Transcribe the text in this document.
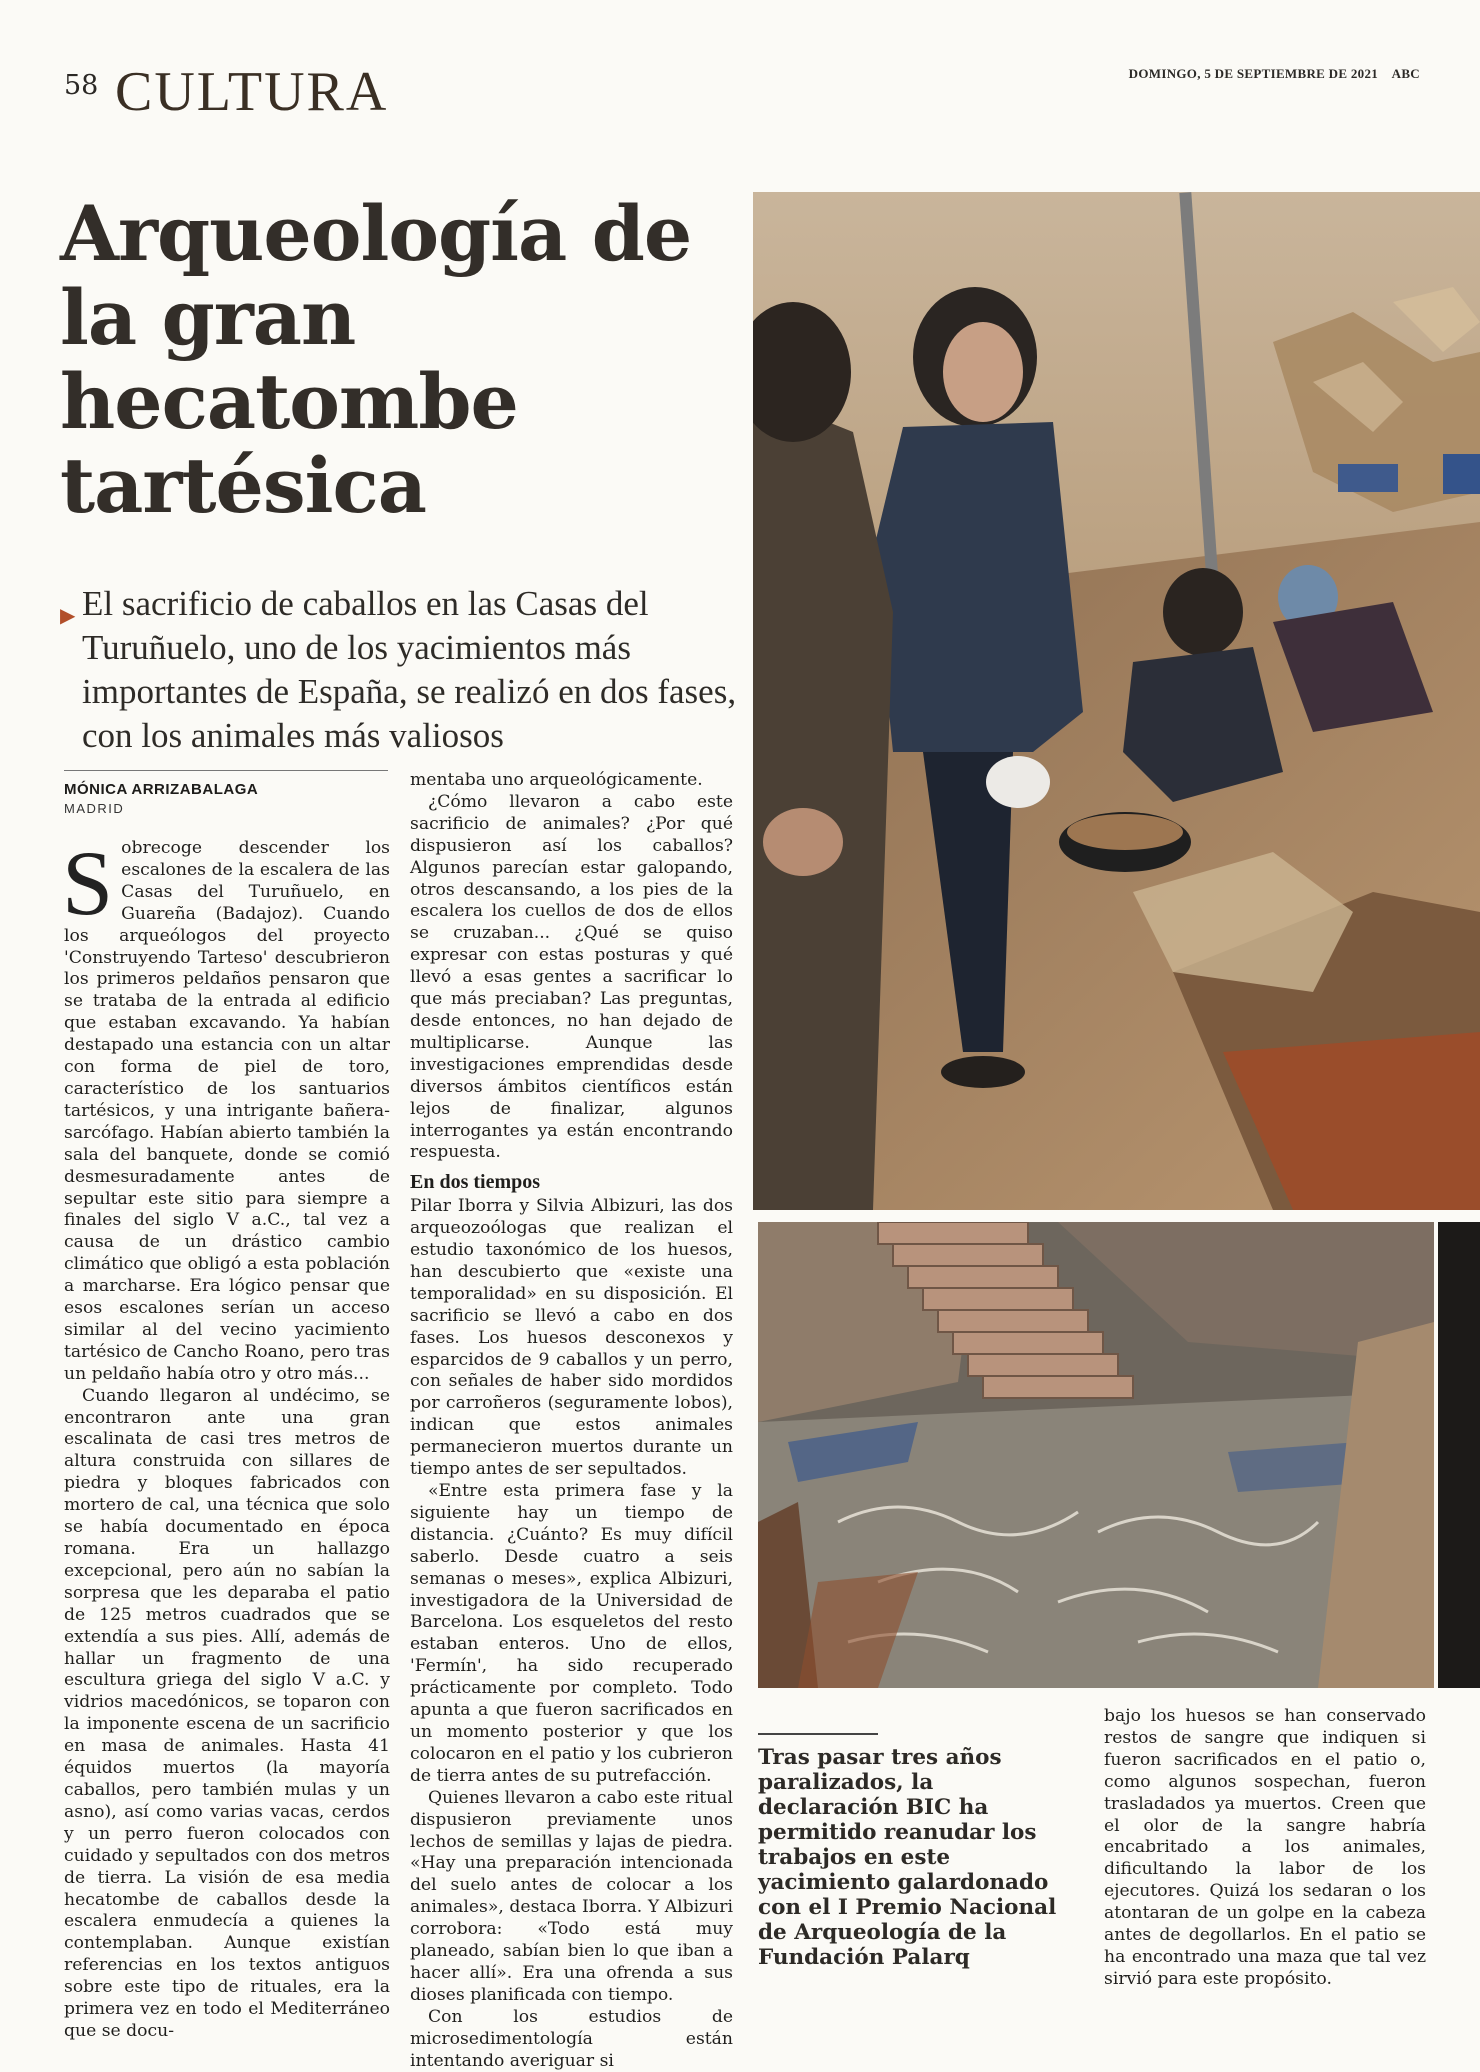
58 CULTURA	DOMINGO, 5 DE SEPTIEMBRE DE 2021 ABC
Arqueología de la gran hecatombe tartésica
▶ El sacrificio de caballos en las Casas del Turuñuelo, uno de los yacimientos más importantes de España, se realizó en dos fases, con los animales más valiosos
MÓNICA ARRIZABALAGA
MADRID

Sobrecoge descender los escalones de la escalera de las Casas del Turuñuelo, en Guareña (Badajoz). Cuando los arqueólogos del proyecto 'Construyendo Tarteso' descubrieron los primeros peldaños pensaron que se trataba de la entrada al edificio que estaban excavando. Ya habían destapado una estancia con un altar con forma de piel de toro, característico de los santuarios tartésicos, y una intrigante bañera-sarcófago. Habían abierto también la sala del banquete, donde se comió desmesuradamente antes de sepultar este sitio para siempre a finales del siglo V a.C., tal vez a causa de un drástico cambio climático que obligó a esta población a marcharse. Era lógico pensar que esos escalones serían un acceso similar al del vecino yacimiento tartésico de Cancho Roano, pero tras un peldaño había otro y otro más...

Cuando llegaron al undécimo, se encontraron ante una gran escalinata de casi tres metros de altura construida con sillares de piedra y bloques fabricados con mortero de cal, una técnica que solo se había documentado en época romana. Era un hallazgo excepcional, pero aún no sabían la sorpresa que les deparaba el patio de 125 metros cuadrados que se extendía a sus pies. Allí, además de hallar un fragmento de una escultura griega del siglo V a.C. y vidrios macedónicos, se toparon con la imponente escena de un sacrificio en masa de animales. Hasta 41 équidos muertos (la mayoría caballos, pero también mulas y un asno), así como varias vacas, cerdos y un perro fueron colocados con cuidado y sepultados con dos metros de tierra. La visión de esa media hecatombe de caballos desde la escalera enmudecía a quienes la contemplaban. Aunque existían referencias en los textos antiguos sobre este tipo de rituales, era la primera vez en todo el Mediterráneo que se docu-

mentaba uno arqueológicamente.

¿Cómo llevaron a cabo este sacrificio de animales? ¿Por qué dispusieron así los caballos? Algunos parecían estar galopando, otros descansando, a los pies de la escalera los cuellos de dos de ellos se cruzaban... ¿Qué se quiso expresar con estas posturas y qué llevó a esas gentes a sacrificar lo que más preciaban? Las preguntas, desde entonces, no han dejado de multiplicarse. Aunque las investigaciones emprendidas desde diversos ámbitos científicos están lejos de finalizar, algunos interrogantes ya están encontrando respuesta.

En dos tiempos

Pilar Iborra y Silvia Albizuri, las dos arqueozoólogas que realizan el estudio taxonómico de los huesos, han descubierto que «existe una temporalidad» en su disposición. El sacrificio se llevó a cabo en dos fases. Los huesos desconexos y esparcidos de 9 caballos y un perro, con señales de haber sido mordidos por carroñeros (seguramente lobos), indican que estos animales permanecieron muertos durante un tiempo antes de ser sepultados.

«Entre esta primera fase y la siguiente hay un tiempo de distancia. ¿Cuánto? Es muy difícil saberlo. Desde cuatro a seis semanas o meses», explica Albizuri, investigadora de la Universidad de Barcelona. Los esqueletos del resto estaban enteros. Uno de ellos, 'Fermín', ha sido recuperado prácticamente por completo. Todo apunta a que fueron sacrificados en un momento posterior y que los colocaron en el patio y los cubrieron de tierra antes de su putrefacción.

Quienes llevaron a cabo este ritual dispusieron previamente unos lechos de semillas y lajas de piedra. «Hay una preparación intencionada del suelo antes de colocar a los animales», destaca Iborra. Y Albizuri corrobora: «Todo está muy planeado, sabían bien lo que iban a hacer allí». Era una ofrenda a sus dioses planificada con tiempo.

Con los estudios de microsedimentología están intentando averiguar si

Tras pasar tres años paralizados, la declaración BIC ha permitido reanudar los trabajos en este yacimiento galardonado con el I Premio Nacional de Arqueología de la Fundación Palarq

bajo los huesos se han conservado restos de sangre que indiquen si fueron sacrificados en el patio o, como algunos sospechan, fueron trasladados ya muertos. Creen que el olor de la sangre habría encabritado a los animales, dificultando la labor de los ejecutores. Quizá los sedaran o los atontaran de un golpe en la cabeza antes de degollarlos. En el patio se ha encontrado una maza que tal vez sirvió para este propósito.
